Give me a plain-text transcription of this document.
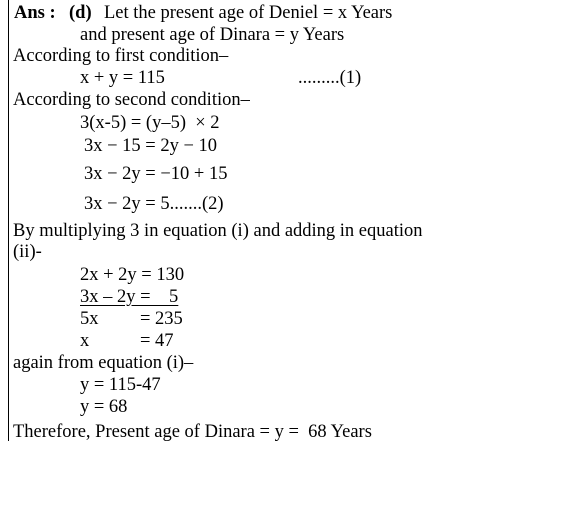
Ans : (d) Let the present age of Deniel = x Years
and present age of Dinara = y Years
According to first condition–
x + y = 115	.........(1)
According to second condition–
3(x-5) = (y–5)  × 2
3x − 15 = 2y − 10
3x − 2y = −10 + 15
3x − 2y = 5.......(2)
By multiplying 3 in equation (i) and adding in equation
(ii)-
2x + 2y = 130
3x – 2y =    5
5x = 235
x	= 47
again from equation (i)–
y = 115-47
y = 68
Therefore, Present age of Dinara = y =  68 Years
